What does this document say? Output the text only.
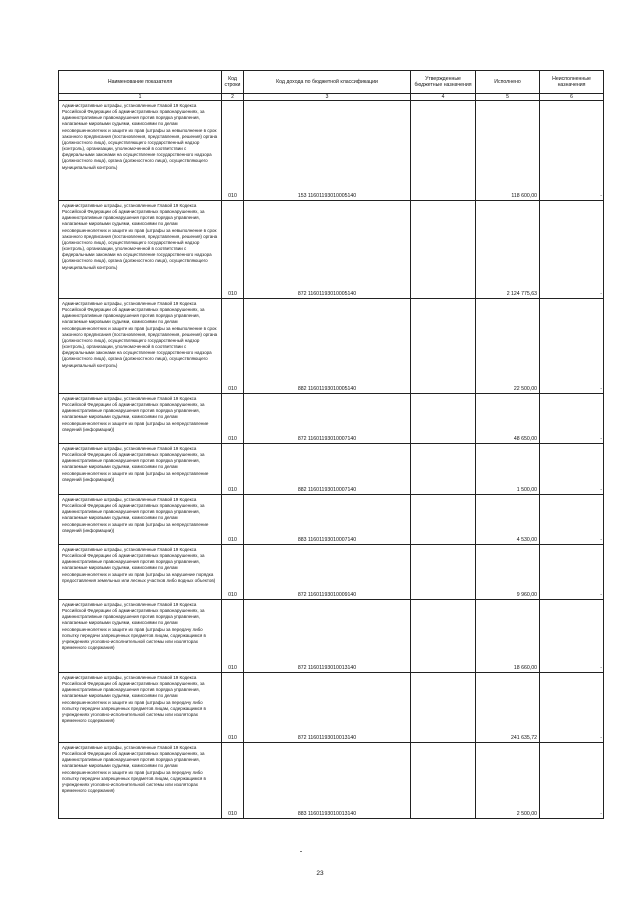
Наименование показателя	Код строки	Код дохода по бюджетной классификации	Утвержденные бюджетные назначения	Исполнено	Неисполненные назначения
1	2	3	4	5	6
Административные штрафы, установленные Главой 19 Кодекса Российской Федерации об административных правонарушениях, за административные правонарушения против порядка управления, налагаемые мировыми судьями, комиссиями по делам несовершеннолетних и защите их прав (штрафы за невыполнение в срок законного предписания (постановления, представления, решения) органа (должностного лица), осуществляющего государственный надзор (контроль), организации, уполномоченной в соответствии с федеральными законами на осуществление государственного надзора (должностного лица), органа (должностного лица), осуществляющего муниципальный контроль)	010	153 11601193010005140		118 600,00	-
Административные штрафы, установленные Главой 19 Кодекса Российской Федерации об административных правонарушениях, за административные правонарушения против порядка управления, налагаемые мировыми судьями, комиссиями по делам несовершеннолетних и защите их прав (штрафы за невыполнение в срок законного предписания (постановления, представления, решения) органа (должностного лица), осуществляющего государственный надзор (контроль), организации, уполномоченной в соответствии с федеральными законами на осуществление государственного надзора (должностного лица), органа (должностного лица), осуществляющего муниципальный контроль)	010	872 11601193010005140		2 124 775,63	-
Административные штрафы, установленные Главой 19 Кодекса Российской Федерации об административных правонарушениях, за административные правонарушения против порядка управления, налагаемые мировыми судьями, комиссиями по делам несовершеннолетних и защите их прав (штрафы за невыполнение в срок законного предписания (постановления, представления, решения) органа (должностного лица), осуществляющего государственный надзор (контроль), организации, уполномоченной в соответствии с федеральными законами на осуществление государственного надзора (должностного лица), органа (должностного лица), осуществляющего муниципальный контроль)	010	882 11601193010005140		22 500,00	-
Административные штрафы, установленные Главой 19 Кодекса Российской Федерации об административных правонарушениях, за административные правонарушения против порядка управления, налагаемые мировыми судьями, комиссиями по делам несовершеннолетних и защите их прав (штрафы за непредставление сведений (информации))	010	872 11601193010007140		48 650,00	-
Административные штрафы, установленные Главой 19 Кодекса Российской Федерации об административных правонарушениях, за административные правонарушения против порядка управления, налагаемые мировыми судьями, комиссиями по делам несовершеннолетних и защите их прав (штрафы за непредставление сведений (информации))	010	882 11601193010007140		1 500,00	-
Административные штрафы, установленные Главой 19 Кодекса Российской Федерации об административных правонарушениях, за административные правонарушения против порядка управления, налагаемые мировыми судьями, комиссиями по делам несовершеннолетних и защите их прав (штрафы за непредставление сведений (информации))	010	883 11601193010007140		4 530,00	-
Административные штрафы, установленные Главой 19 Кодекса Российской Федерации об административных правонарушениях, за административные правонарушения против порядка управления, налагаемые мировыми судьями, комиссиями по делам несовершеннолетних и защите их прав (штрафы за нарушение порядка предоставления земельных или лесных участков либо водных объектов)	010	872 11601193010009140		9 960,00	-
Административные штрафы, установленные Главой 19 Кодекса Российской Федерации об административных правонарушениях, за административные правонарушения против порядка управления, налагаемые мировыми судьями, комиссиями по делам несовершеннолетних и защите их прав (штрафы за передачу либо попытку передачи запрещенных предметов лицам, содержащимся в учреждениях уголовно-исполнительной системы или изоляторах временного содержания)	010	872 11601193010013140		18 660,00	-
Административные штрафы, установленные Главой 19 Кодекса Российской Федерации об административных правонарушениях, за административные правонарушения против порядка управления, налагаемые мировыми судьями, комиссиями по делам несовершеннолетних и защите их прав (штрафы за передачу либо попытку передачи запрещенных предметов лицам, содержащимся в учреждениях уголовно-исполнительной системы или изоляторах временного содержания)	010	872 11601193010013140		241 635,72	-
Административные штрафы, установленные Главой 19 Кодекса Российской Федерации об административных правонарушениях, за административные правонарушения против порядка управления, налагаемые мировыми судьями, комиссиями по делам несовершеннолетних и защите их прав (штрафы за передачу либо попытку передачи запрещенных предметов лицам, содержащимся в учреждениях уголовно-исполнительной системы или изоляторах временного содержания)	010	883 11601193010013140		2 500,00	-
23
